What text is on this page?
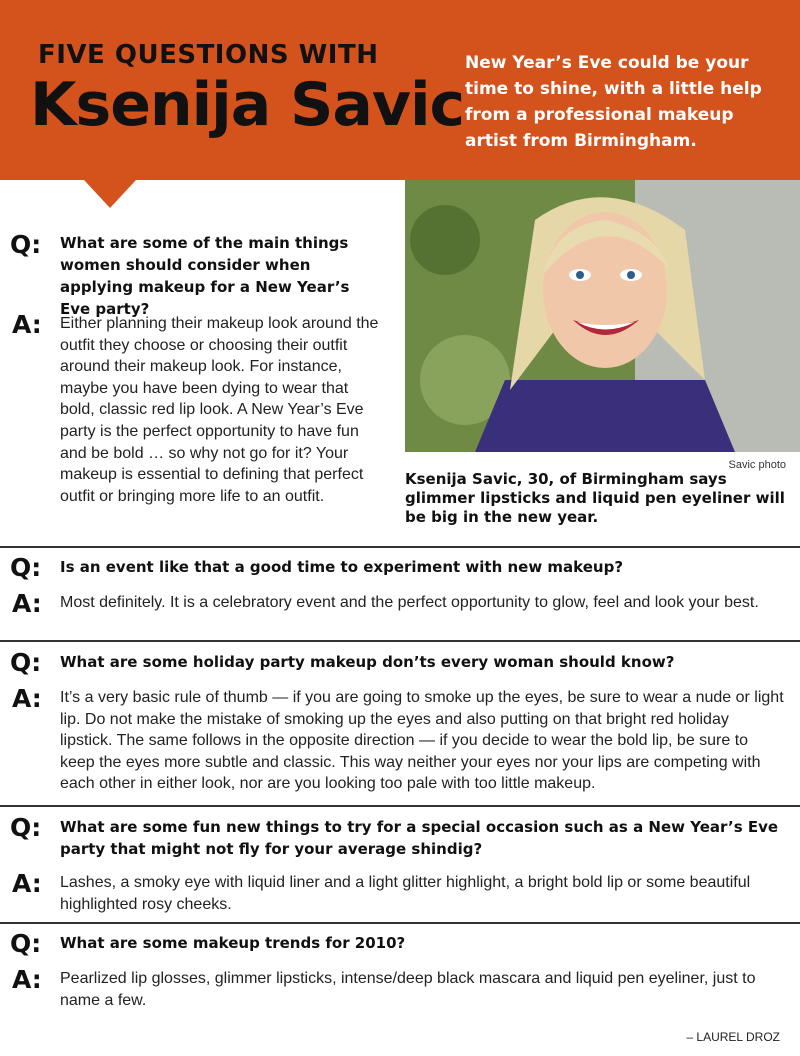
FIVE QUESTIONS WITH
Ksenija Savic
New Year’s Eve could be your time to shine, with a little help from a professional makeup artist from Birmingham.
Savic photo
Ksenija Savic, 30, of Birmingham says glimmer lipsticks and liquid pen eyeliner will be big in the new year.
Q: What are some of the main things women should consider when applying makeup for a New Year’s Eve party?
A: Either planning their makeup look around the outfit they choose or choosing their outfit around their makeup look. For instance, maybe you have been dying to wear that bold, classic red lip look. A New Year’s Eve party is the perfect opportunity to have fun and be bold … so why not go for it? Your makeup is essential to defining that perfect outfit or bringing more life to an outfit.
Q: Is an event like that a good time to experiment with new makeup?
A: Most definitely. It is a celebratory event and the perfect opportunity to glow, feel and look your best.
Q: What are some holiday party makeup don’ts every woman should know?
A: It’s a very basic rule of thumb — if you are going to smoke up the eyes, be sure to wear a nude or light lip. Do not make the mistake of smoking up the eyes and also putting on that bright red holiday lipstick. The same follows in the opposite direction — if you decide to wear the bold lip, be sure to keep the eyes more subtle and classic. This way neither your eyes nor your lips are competing with each other in either look, nor are you looking too pale with too little makeup.
Q: What are some fun new things to try for a special occasion such as a New Year’s Eve party that might not fly for your average shindig?
A: Lashes, a smoky eye with liquid liner and a light glitter highlight, a bright bold lip or some beautiful highlighted rosy cheeks.
Q: What are some makeup trends for 2010?
A: Pearlized lip glosses, glimmer lipsticks, intense/deep black mascara and liquid pen eyeliner, just to name a few.
– LAUREL DROZ
